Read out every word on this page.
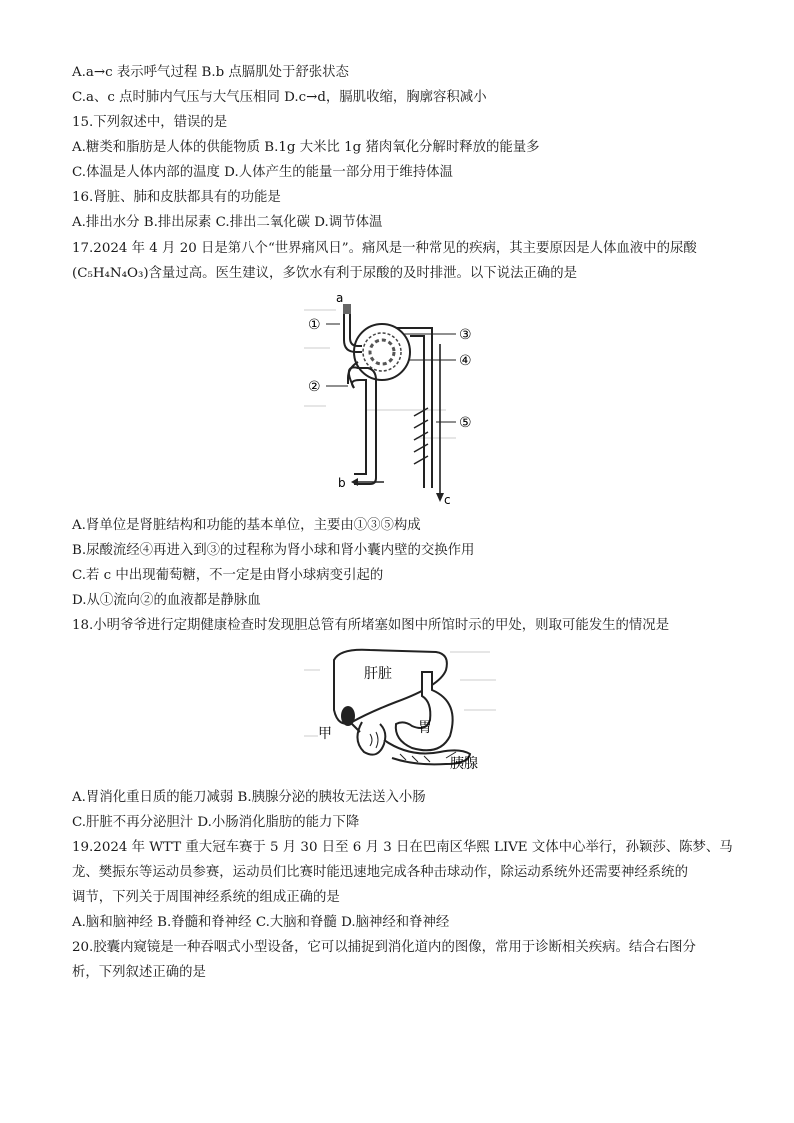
A.a→c 表示呼气过程 B.b 点膈肌处于舒张状态
C.a、c 点时肺内气压与大气压相同 D.c→d，膈肌收缩，胸廓容积减小
15.下列叙述中，错误的是
A.糖类和脂肪是人体的供能物质 B.1g 大米比 1g 猪肉氧化分解时释放的能量多
C.体温是人体内部的温度 D.人体产生的能量一部分用于维持体温
16.肾脏、肺和皮肤都具有的功能是
A.排出水分 B.排出尿素 C.排出二氧化碳 D.调节体温
17.2024 年 4 月 20 日是第八个“世界痛风日”。痛风是一种常见的疾病，其主要原因是人体血液中的尿酸
(C₅H₄N₄O₃)含量过高。医生建议，多饮水有利于尿酸的及时排泄。以下说法正确的是
①
②
③
④
⑤
a
b
c
A.肾单位是肾脏结构和功能的基本单位，主要由①③⑤构成
B.尿酸流经④再进入到③的过程称为肾小球和肾小囊内壁的交换作用
C.若 c 中出现葡萄糖，不一定是由肾小球病变引起的
D.从①流向②的血液都是静脉血
18.小明爷爷进行定期健康检查时发现胆总管有所堵塞如图中所馆时示的甲处，则取可能发生的情况是
肝脏
胃
甲
胰腺
A.胃消化重日质的能刀减弱 B.胰腺分泌的胰妆无法送入小肠
C.肝脏不再分泌胆汁 D.小肠消化脂肪的能力下降
19.2024 年 WTT 重大冠车赛于 5 月 30 日至 6 月 3 日在巴南区华熙 LIVE 文体中心举行，孙颖莎、陈梦、马
龙、樊振东等运动员参赛，运动员们比赛时能迅速地完成各种击球动作，除运动系统外还需要神经系统的
调节，下列关于周围神经系统的组成正确的是
A.脑和脑神经 B.脊髓和脊神经 C.大脑和脊髓 D.脑神经和脊神经
20.胶囊内窥镜是一种吞咽式小型设备，它可以捕捉到消化道内的图像，常用于诊断相关疾病。结合右图分
析，下列叙述正确的是
